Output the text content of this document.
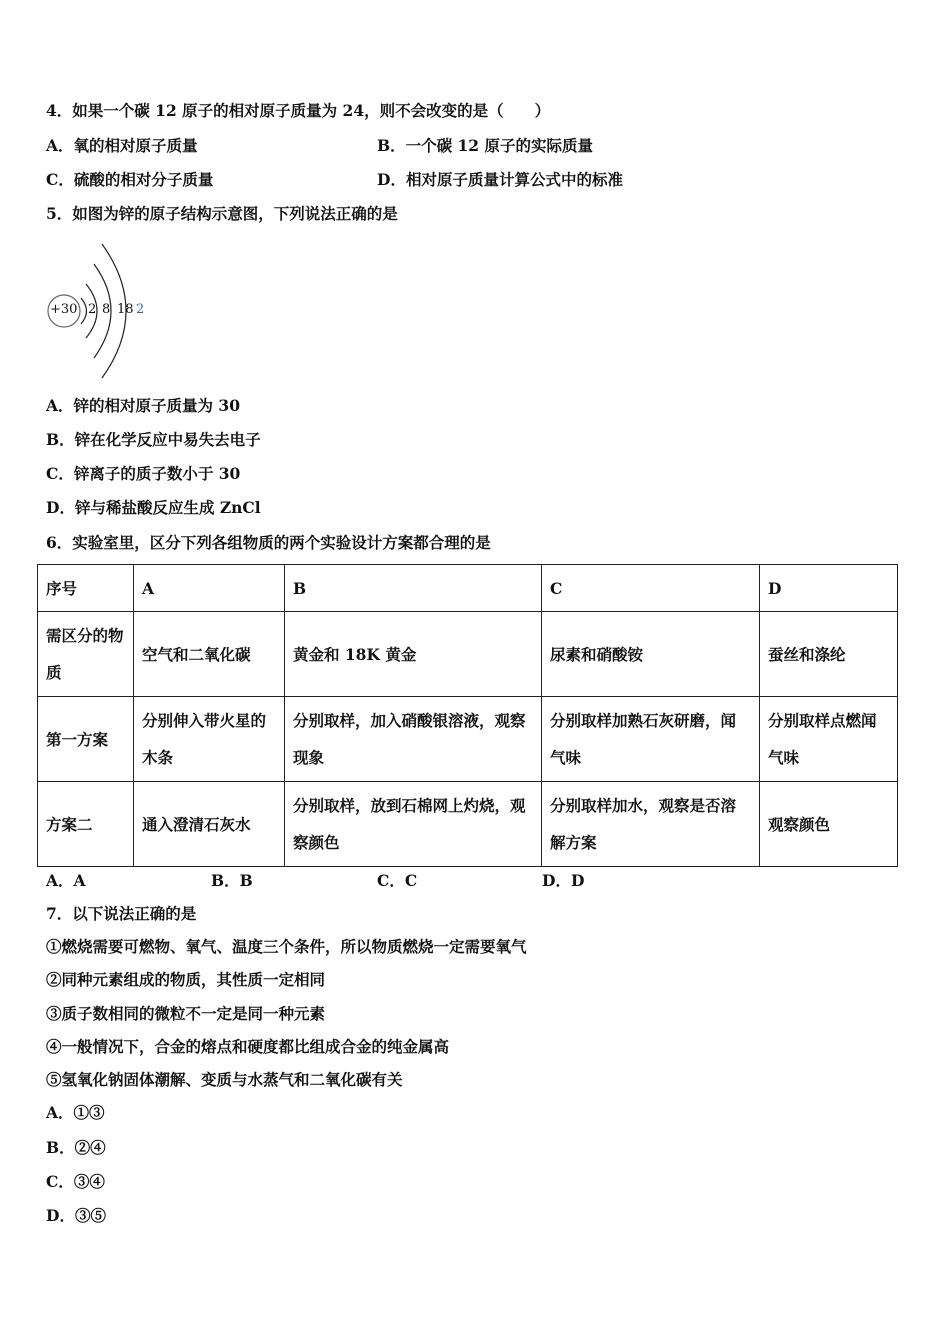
4．如果一个碳 12 原子的相对原子质量为 24，则不会改变的是（　　）
A．氧的相对原子质量	B．一个碳 12 原子的实际质量
C．硫酸的相对分子质量	D．相对原子质量计算公式中的标准
5．如图为锌的原子结构示意图，下列说法正确的是
+30 2 8 18 2
A．锌的相对原子质量为 30
B．锌在化学反应中易失去电子
C．锌离子的质子数小于 30
D．锌与稀盐酸反应生成 ZnCl
6．实验室里，区分下列各组物质的两个实验设计方案都合理的是
序号	A	B	C	D
需区分的物质	空气和二氧化碳	黄金和 18K 黄金	尿素和硝酸铵	蚕丝和涤纶
第一方案	分别伸入带火星的木条	分别取样，加入硝酸银溶液，观察现象	分别取样加熟石灰研磨，闻气味	分别取样点燃闻气味
方案二	通入澄清石灰水	分别取样，放到石棉网上灼烧，观察颜色	分别取样加水，观察是否溶解方案	观察颜色
A．A	B．B	C．C	D．D
7．以下说法正确的是
①燃烧需要可燃物、氧气、温度三个条件，所以物质燃烧一定需要氧气
②同种元素组成的物质，其性质一定相同
③质子数相同的微粒不一定是同一种元素
④一般情况下，合金的熔点和硬度都比组成合金的纯金属高
⑤氢氧化钠固体潮解、变质与水蒸气和二氧化碳有关
A．①③
B．②④
C．③④
D．③⑤
